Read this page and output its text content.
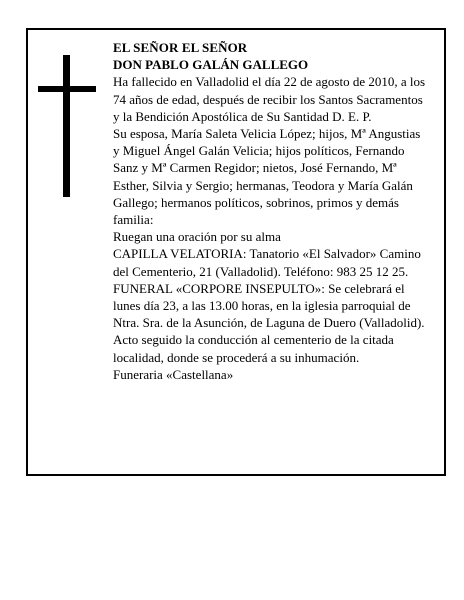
EL SEÑOR EL SEÑOR

DON PABLO GALÁN GALLEGO

Ha fallecido en Valladolid el día 22 de agosto de 2010, a los 74 años de edad, después de recibir los Santos Sacramentos y la Bendición Apostólica de Su Santidad D. E. P.

Su esposa, María Saleta Velicia López; hijos, Mª Angustias y Miguel Ángel Galán Velicia; hijos políticos, Fernando Sanz y Mª Carmen Regidor; nietos, José Fernando, Mª Esther, Silvia y Sergio; hermanas, Teodora y María Galán Gallego; hermanos políticos, sobrinos, primos y demás familia:

Ruegan una oración por su alma

CAPILLA VELATORIA: Tanatorio «El Salvador» Camino del Cementerio, 21 (Valladolid). Teléfono: 983 25 12 25.

FUNERAL «CORPORE INSEPULTO»: Se celebrará el lunes día 23, a las 13.00 horas, en la iglesia parroquial de Ntra. Sra. de la Asunción, de Laguna de Duero (Valladolid). Acto seguido la conducción al cementerio de la citada localidad, donde se procederá a su inhumación.

Funeraria «Castellana»
